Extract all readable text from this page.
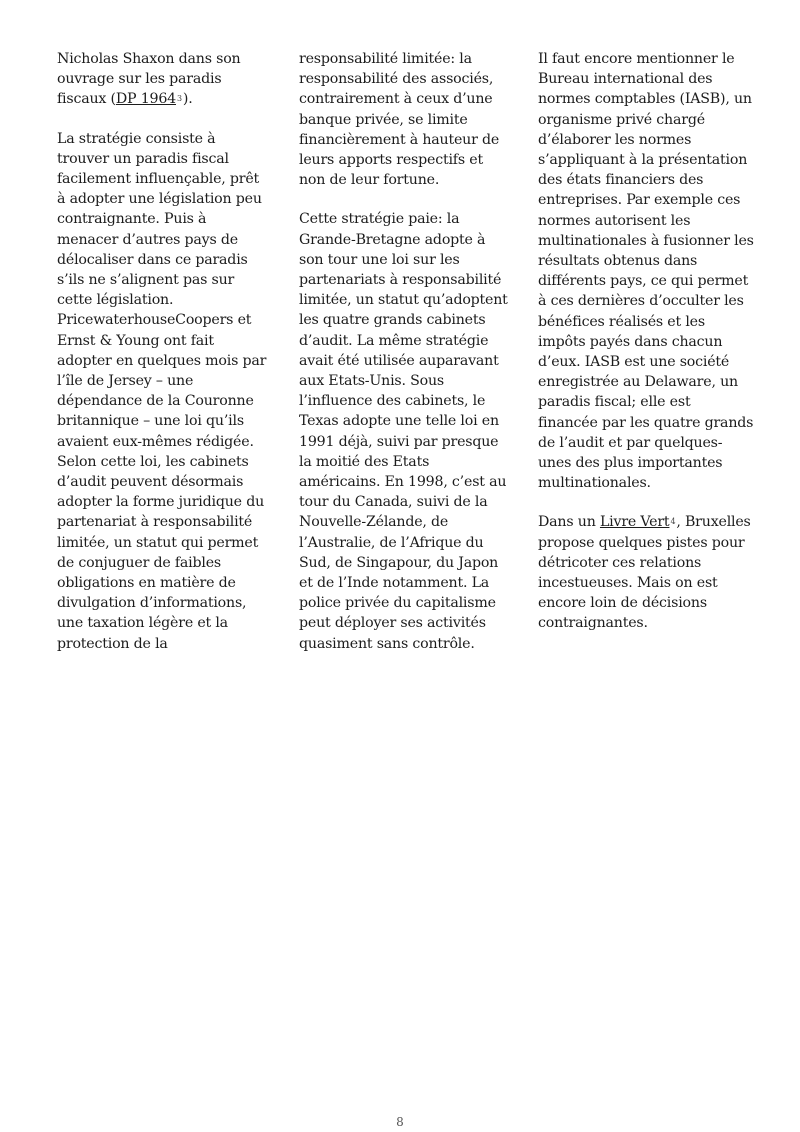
Nicholas Shaxon dans son ouvrage sur les paradis fiscaux (DP 19643).

La stratégie consiste à trouver un paradis fiscal facilement influençable, prêt à adopter une législation peu contraignante. Puis à menacer d’autres pays de délocaliser dans ce paradis s’ils ne s’alignent pas sur cette législation. PricewaterhouseCoopers et Ernst & Young ont fait adopter en quelques mois par l’île de Jersey – une dépendance de la Couronne britannique – une loi qu’ils avaient eux-mêmes rédigée. Selon cette loi, les cabinets d’audit peuvent désormais adopter la forme juridique du partenariat à responsabilité limitée, un statut qui permet de conjuguer de faibles obligations en matière de divulgation d’informations, une taxation légère et la protection de la

responsabilité limitée: la responsabilité des associés, contrairement à ceux d’une banque privée, se limite financièrement à hauteur de leurs apports respectifs et non de leur fortune.

Cette stratégie paie: la Grande-Bretagne adopte à son tour une loi sur les partenariats à responsabilité limitée, un statut qu’adoptent les quatre grands cabinets d’audit. La même stratégie avait été utilisée auparavant aux Etats-Unis. Sous l’influence des cabinets, le Texas adopte une telle loi en 1991 déjà, suivi par presque la moitié des Etats américains. En 1998, c’est au tour du Canada, suivi de la Nouvelle-Zélande, de l’Australie, de l’Afrique du Sud, de Singapour, du Japon et de l’Inde notamment. La police privée du capitalisme peut déployer ses activités quasiment sans contrôle.

Il faut encore mentionner le Bureau international des normes comptables (IASB), un organisme privé chargé d’élaborer les normes s’appliquant à la présentation des états financiers des entreprises. Par exemple ces normes autorisent les multinationales à fusionner les résultats obtenus dans différents pays, ce qui permet à ces dernières d’occulter les bénéfices réalisés et les impôts payés dans chacun d’eux. IASB est une société enregistrée au Delaware, un paradis fiscal; elle est financée par les quatre grands de l’audit et par quelques-unes des plus importantes multinationales.

Dans un Livre Vert4, Bruxelles propose quelques pistes pour détricoter ces relations incestueuses. Mais on est encore loin de décisions contraignantes.

8
